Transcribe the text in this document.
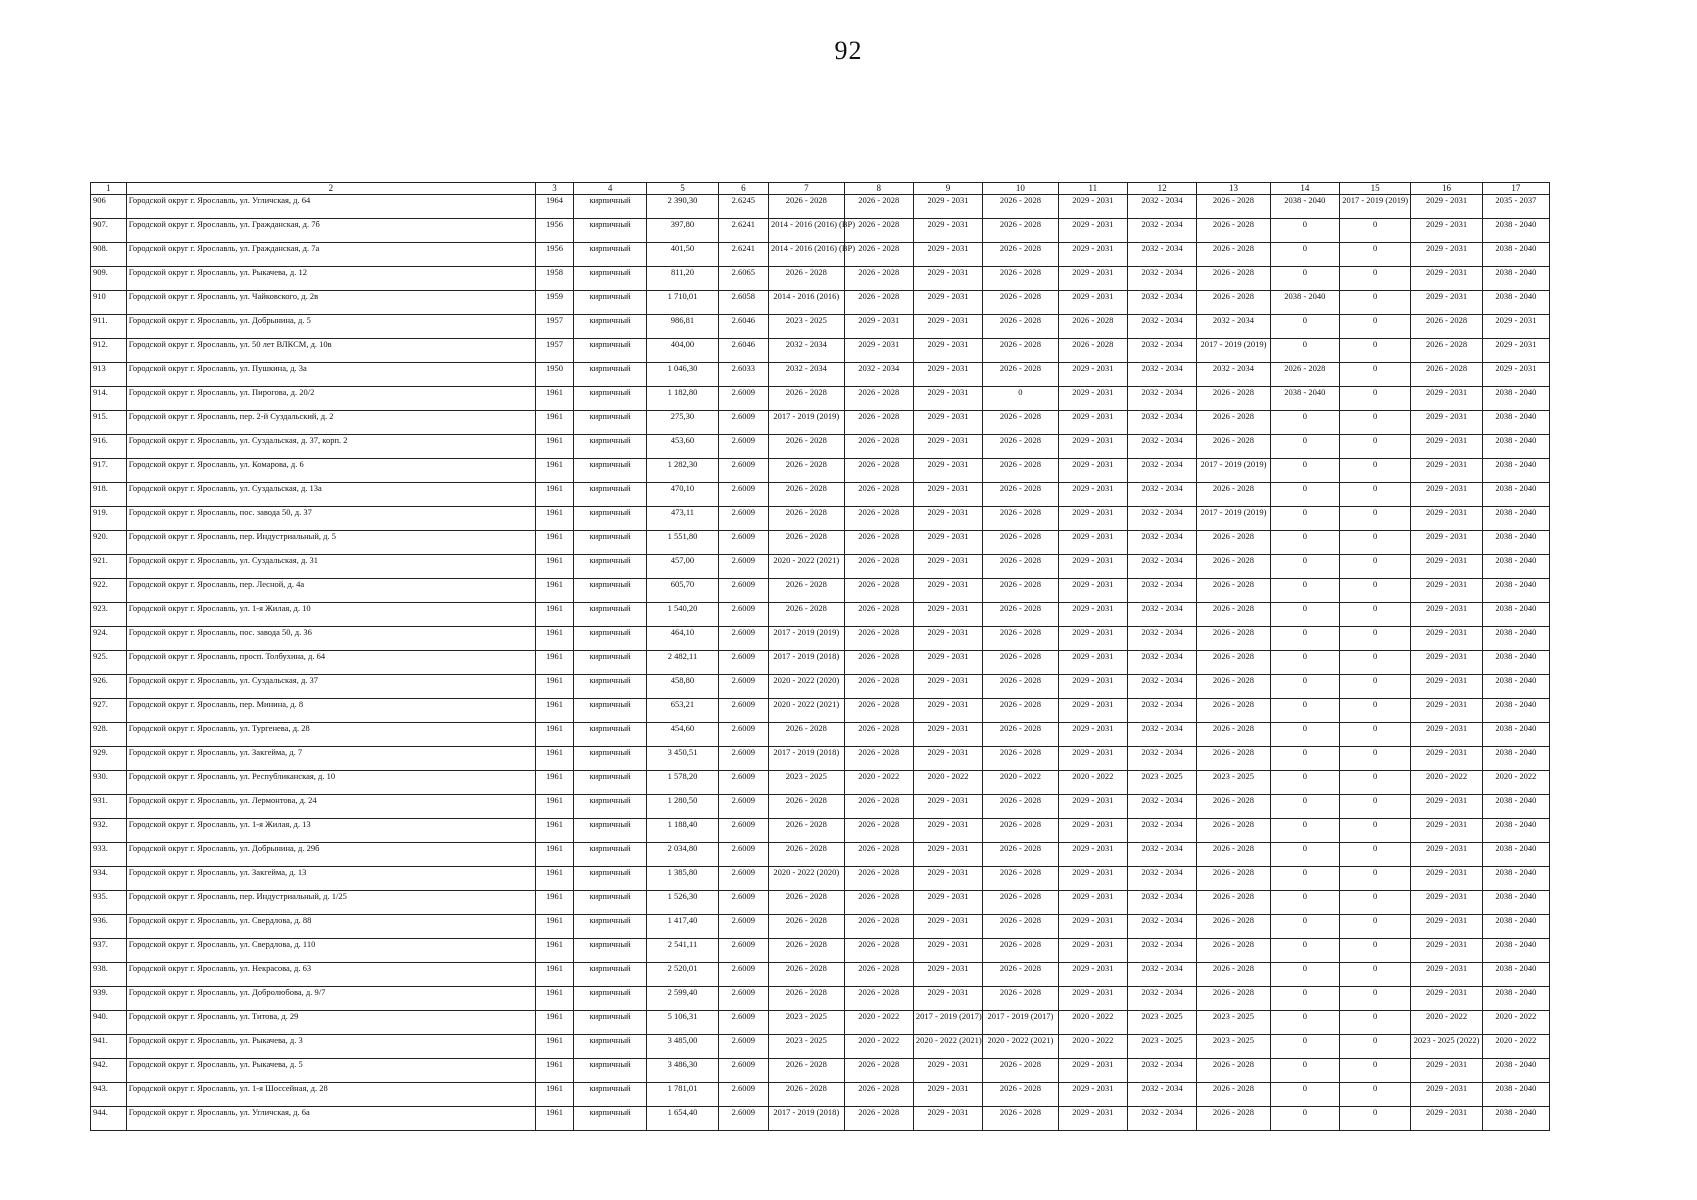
92
1	2	3	4	5	6	7	8	9	10	11	12	13	14	15	16	17
906	Городской округ г. Ярославль, ул. Угличская, д. 64	1964	кирпичный	2 390,30	2.6245	2026 - 2028	2026 - 2028	2029 - 2031	2026 - 2028	2029 - 2031	2032 - 2034	2026 - 2028	2038 - 2040	2017 - 2019 (2019)	2029 - 2031	2035 - 2037
907.	Городской округ г. Ярославль, ул. Гражданская, д. 7б	1956	кирпичный	397,80	2.6241	2014 - 2016 (2016) (ВР)	2026 - 2028	2029 - 2031	2026 - 2028	2029 - 2031	2032 - 2034	2026 - 2028	0	0	2029 - 2031	2038 - 2040
908.	Городской округ г. Ярославль, ул. Гражданская, д. 7а	1956	кирпичный	401,50	2.6241	2014 - 2016 (2016) (ВР)	2026 - 2028	2029 - 2031	2026 - 2028	2029 - 2031	2032 - 2034	2026 - 2028	0	0	2029 - 2031	2038 - 2040
909.	Городской округ г. Ярославль, ул. Рыкачева, д. 12	1958	кирпичный	811,20	2.6065	2026 - 2028	2026 - 2028	2029 - 2031	2026 - 2028	2029 - 2031	2032 - 2034	2026 - 2028	0	0	2029 - 2031	2038 - 2040
910	Городской округ г. Ярославль, ул. Чайковского, д. 2в	1959	кирпичный	1 710,01	2.6058	2014 - 2016 (2016)	2026 - 2028	2029 - 2031	2026 - 2028	2029 - 2031	2032 - 2034	2026 - 2028	2038 - 2040	0	2029 - 2031	2038 - 2040
911.	Городской округ г. Ярославль, ул. Добрынина, д. 5	1957	кирпичный	986,81	2.6046	2023 - 2025	2029 - 2031	2029 - 2031	2026 - 2028	2026 - 2028	2032 - 2034	2032 - 2034	0	0	2026 - 2028	2029 - 2031
912.	Городской округ г. Ярославль, ул. 50 лет ВЛКСМ, д. 10в	1957	кирпичный	404,00	2.6046	2032 - 2034	2029 - 2031	2029 - 2031	2026 - 2028	2026 - 2028	2032 - 2034	2017 - 2019 (2019)	0	0	2026 - 2028	2029 - 2031
913	Городской округ г. Ярославль, ул. Пушкина, д. 3а	1950	кирпичный	1 046,30	2.6033	2032 - 2034	2032 - 2034	2029 - 2031	2026 - 2028	2029 - 2031	2032 - 2034	2032 - 2034	2026 - 2028	0	2026 - 2028	2029 - 2031
914.	Городской округ г. Ярославль, ул. Пирогова, д. 20/2	1961	кирпичный	1 182,80	2.6009	2026 - 2028	2026 - 2028	2029 - 2031	0	2029 - 2031	2032 - 2034	2026 - 2028	2038 - 2040	0	2029 - 2031	2038 - 2040
915.	Городской округ г. Ярославль, пер. 2-й Суздальский, д. 2	1961	кирпичный	275,30	2.6009	2017 - 2019 (2019)	2026 - 2028	2029 - 2031	2026 - 2028	2029 - 2031	2032 - 2034	2026 - 2028	0	0	2029 - 2031	2038 - 2040
916.	Городской округ г. Ярославль, ул. Суздальская, д. 37, корп. 2	1961	кирпичный	453,60	2.6009	2026 - 2028	2026 - 2028	2029 - 2031	2026 - 2028	2029 - 2031	2032 - 2034	2026 - 2028	0	0	2029 - 2031	2038 - 2040
917.	Городской округ г. Ярославль, ул. Комарова, д. 6	1961	кирпичный	1 282,30	2.6009	2026 - 2028	2026 - 2028	2029 - 2031	2026 - 2028	2029 - 2031	2032 - 2034	2017 - 2019 (2019)	0	0	2029 - 2031	2038 - 2040
918.	Городской округ г. Ярославль, ул. Суздальская, д. 13а	1961	кирпичный	470,10	2.6009	2026 - 2028	2026 - 2028	2029 - 2031	2026 - 2028	2029 - 2031	2032 - 2034	2026 - 2028	0	0	2029 - 2031	2038 - 2040
919.	Городской округ г. Ярославль, пос. завода 50, д. 37	1961	кирпичный	473,11	2.6009	2026 - 2028	2026 - 2028	2029 - 2031	2026 - 2028	2029 - 2031	2032 - 2034	2017 - 2019 (2019)	0	0	2029 - 2031	2038 - 2040
920.	Городской округ г. Ярославль, пер. Индустриальный, д. 5	1961	кирпичный	1 551,80	2.6009	2026 - 2028	2026 - 2028	2029 - 2031	2026 - 2028	2029 - 2031	2032 - 2034	2026 - 2028	0	0	2029 - 2031	2038 - 2040
921.	Городской округ г. Ярославль, ул. Суздальская, д. 31	1961	кирпичный	457,00	2.6009	2020 - 2022 (2021)	2026 - 2028	2029 - 2031	2026 - 2028	2029 - 2031	2032 - 2034	2026 - 2028	0	0	2029 - 2031	2038 - 2040
922.	Городской округ г. Ярославль, пер. Лесной, д. 4а	1961	кирпичный	605,70	2.6009	2026 - 2028	2026 - 2028	2029 - 2031	2026 - 2028	2029 - 2031	2032 - 2034	2026 - 2028	0	0	2029 - 2031	2038 - 2040
923.	Городской округ г. Ярославль, ул. 1-я Жилая, д. 10	1961	кирпичный	1 540,20	2.6009	2026 - 2028	2026 - 2028	2029 - 2031	2026 - 2028	2029 - 2031	2032 - 2034	2026 - 2028	0	0	2029 - 2031	2038 - 2040
924.	Городской округ г. Ярославль, пос. завода 50, д. 36	1961	кирпичный	464,10	2.6009	2017 - 2019 (2019)	2026 - 2028	2029 - 2031	2026 - 2028	2029 - 2031	2032 - 2034	2026 - 2028	0	0	2029 - 2031	2038 - 2040
925.	Городской округ г. Ярославль, просп. Толбухина, д. 64	1961	кирпичный	2 482,11	2.6009	2017 - 2019 (2018)	2026 - 2028	2029 - 2031	2026 - 2028	2029 - 2031	2032 - 2034	2026 - 2028	0	0	2029 - 2031	2038 - 2040
926.	Городской округ г. Ярославль, ул. Суздальская, д. 37	1961	кирпичный	458,80	2.6009	2020 - 2022 (2020)	2026 - 2028	2029 - 2031	2026 - 2028	2029 - 2031	2032 - 2034	2026 - 2028	0	0	2029 - 2031	2038 - 2040
927.	Городской округ г. Ярославль, пер. Минина, д. 8	1961	кирпичный	653,21	2.6009	2020 - 2022 (2021)	2026 - 2028	2029 - 2031	2026 - 2028	2029 - 2031	2032 - 2034	2026 - 2028	0	0	2029 - 2031	2038 - 2040
928.	Городской округ г. Ярославль, ул. Тургенева, д. 28	1961	кирпичный	454,60	2.6009	2026 - 2028	2026 - 2028	2029 - 2031	2026 - 2028	2029 - 2031	2032 - 2034	2026 - 2028	0	0	2029 - 2031	2038 - 2040
929.	Городской округ г. Ярославль, ул. Закгейма, д. 7	1961	кирпичный	3 450,51	2.6009	2017 - 2019 (2018)	2026 - 2028	2029 - 2031	2026 - 2028	2029 - 2031	2032 - 2034	2026 - 2028	0	0	2029 - 2031	2038 - 2040
930.	Городской округ г. Ярославль, ул. Республиканская, д. 10	1961	кирпичный	1 578,20	2.6009	2023 - 2025	2020 - 2022	2020 - 2022	2020 - 2022	2020 - 2022	2023 - 2025	2023 - 2025	0	0	2020 - 2022	2020 - 2022
931.	Городской округ г. Ярославль, ул. Лермонтова, д. 24	1961	кирпичный	1 280,50	2.6009	2026 - 2028	2026 - 2028	2029 - 2031	2026 - 2028	2029 - 2031	2032 - 2034	2026 - 2028	0	0	2029 - 2031	2038 - 2040
932.	Городской округ г. Ярославль, ул. 1-я Жилая, д. 13	1961	кирпичный	1 188,40	2.6009	2026 - 2028	2026 - 2028	2029 - 2031	2026 - 2028	2029 - 2031	2032 - 2034	2026 - 2028	0	0	2029 - 2031	2038 - 2040
933.	Городской округ г. Ярославль, ул. Добрынина, д. 29б	1961	кирпичный	2 034,80	2.6009	2026 - 2028	2026 - 2028	2029 - 2031	2026 - 2028	2029 - 2031	2032 - 2034	2026 - 2028	0	0	2029 - 2031	2038 - 2040
934.	Городской округ г. Ярославль, ул. Закгейма, д. 13	1961	кирпичный	1 385,80	2.6009	2020 - 2022 (2020)	2026 - 2028	2029 - 2031	2026 - 2028	2029 - 2031	2032 - 2034	2026 - 2028	0	0	2029 - 2031	2038 - 2040
935.	Городской округ г. Ярославль, пер. Индустриальный, д. 1/25	1961	кирпичный	1 526,30	2.6009	2026 - 2028	2026 - 2028	2029 - 2031	2026 - 2028	2029 - 2031	2032 - 2034	2026 - 2028	0	0	2029 - 2031	2038 - 2040
936.	Городской округ г. Ярославль, ул. Свердлова, д. 88	1961	кирпичный	1 417,40	2.6009	2026 - 2028	2026 - 2028	2029 - 2031	2026 - 2028	2029 - 2031	2032 - 2034	2026 - 2028	0	0	2029 - 2031	2038 - 2040
937.	Городской округ г. Ярославль, ул. Свердлова, д. 110	1961	кирпичный	2 541,11	2.6009	2026 - 2028	2026 - 2028	2029 - 2031	2026 - 2028	2029 - 2031	2032 - 2034	2026 - 2028	0	0	2029 - 2031	2038 - 2040
938.	Городской округ г. Ярославль, ул. Некрасова, д. 63	1961	кирпичный	2 520,01	2.6009	2026 - 2028	2026 - 2028	2029 - 2031	2026 - 2028	2029 - 2031	2032 - 2034	2026 - 2028	0	0	2029 - 2031	2038 - 2040
939.	Городской округ г. Ярославль, ул. Добролюбова, д. 9/7	1961	кирпичный	2 599,40	2.6009	2026 - 2028	2026 - 2028	2029 - 2031	2026 - 2028	2029 - 2031	2032 - 2034	2026 - 2028	0	0	2029 - 2031	2038 - 2040
940.	Городской округ г. Ярославль, ул. Титова, д. 29	1961	кирпичный	5 106,31	2.6009	2023 - 2025	2020 - 2022	2017 - 2019 (2017)	2017 - 2019 (2017)	2020 - 2022	2023 - 2025	2023 - 2025	0	0	2020 - 2022	2020 - 2022
941.	Городской округ г. Ярославль, ул. Рыкачева, д. 3	1961	кирпичный	3 485,00	2.6009	2023 - 2025	2020 - 2022	2020 - 2022 (2021)	2020 - 2022 (2021)	2020 - 2022	2023 - 2025	2023 - 2025	0	0	2023 - 2025 (2022)	2020 - 2022
942.	Городской округ г. Ярославль, ул. Рыкачева, д. 5	1961	кирпичный	3 486,30	2.6009	2026 - 2028	2026 - 2028	2029 - 2031	2026 - 2028	2029 - 2031	2032 - 2034	2026 - 2028	0	0	2029 - 2031	2038 - 2040
943.	Городской округ г. Ярославль, ул. 1-я Шоссейная, д. 28	1961	кирпичный	1 781,01	2.6009	2026 - 2028	2026 - 2028	2029 - 2031	2026 - 2028	2029 - 2031	2032 - 2034	2026 - 2028	0	0	2029 - 2031	2038 - 2040
944.	Городской округ г. Ярославль, ул. Угличская, д. 6а	1961	кирпичный	1 654,40	2.6009	2017 - 2019 (2018)	2026 - 2028	2029 - 2031	2026 - 2028	2029 - 2031	2032 - 2034	2026 - 2028	0	0	2029 - 2031	2038 - 2040
